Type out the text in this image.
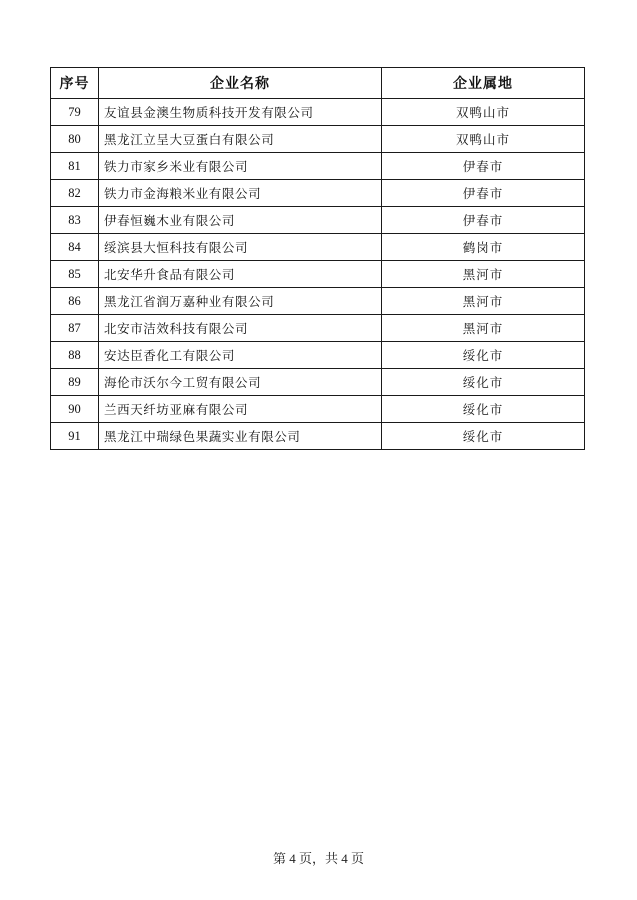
序号	企业名称	企业属地
79	友谊县金澳生物质科技开发有限公司	双鸭山市
80	黑龙江立呈大豆蛋白有限公司	双鸭山市
81	铁力市家乡米业有限公司	伊春市
82	铁力市金海粮米业有限公司	伊春市
83	伊春恒巍木业有限公司	伊春市
84	绥滨县大恒科技有限公司	鹤岗市
85	北安华升食品有限公司	黑河市
86	黑龙江省润万嘉种业有限公司	黑河市
87	北安市洁效科技有限公司	黑河市
88	安达臣香化工有限公司	绥化市
89	海伦市沃尔今工贸有限公司	绥化市
90	兰西天纤坊亚麻有限公司	绥化市
91	黑龙江中瑞绿色果蔬实业有限公司	绥化市
第 4 页，共 4 页
